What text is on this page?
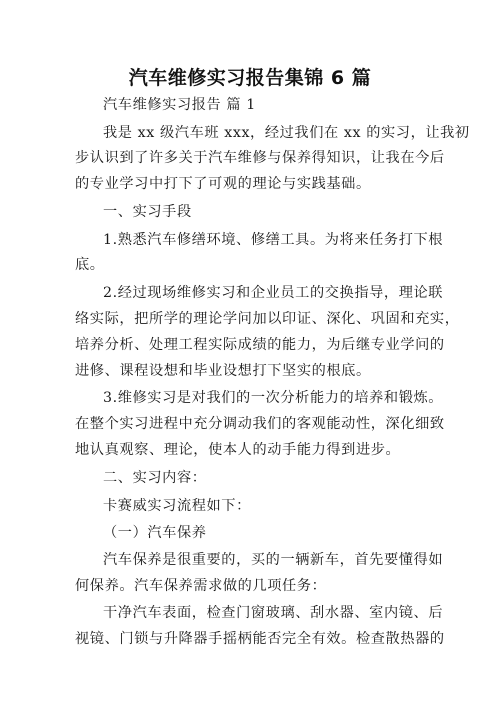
汽车维修实习报告集锦 6 篇
汽车维修实习报告 篇 1
我是 xx 级汽车班 xxx，经过我们在 xx 的实习，让我初
步认识到了许多关于汽车维修与保养得知识，让我在今后
的专业学习中打下了可观的理论与实践基础。
一、实习手段
1.熟悉汽车修缮环境、修缮工具。为将来任务打下根
底。
2.经过现场维修实习和企业员工的交换指导，理论联
络实际，把所学的理论学问加以印证、深化、巩固和充实，
培养分析、处理工程实际成绩的能力，为后继专业学问的
进修、课程设想和毕业设想打下坚实的根底。
3.维修实习是对我们的一次分析能力的培养和锻炼。
在整个实习进程中充分调动我们的客观能动性，深化细致
地认真观察、理论，使本人的动手能力得到进步。
二、实习内容：
卡赛威实习流程如下：
（一）汽车保养
汽车保养是很重要的，买的一辆新车，首先要懂得如
何保养。汽车保养需求做的几项任务：
干净汽车表面，检查门窗玻璃、刮水器、室内镜、后
视镜、门锁与升降器手摇柄能否完全有效。检查散热器的
